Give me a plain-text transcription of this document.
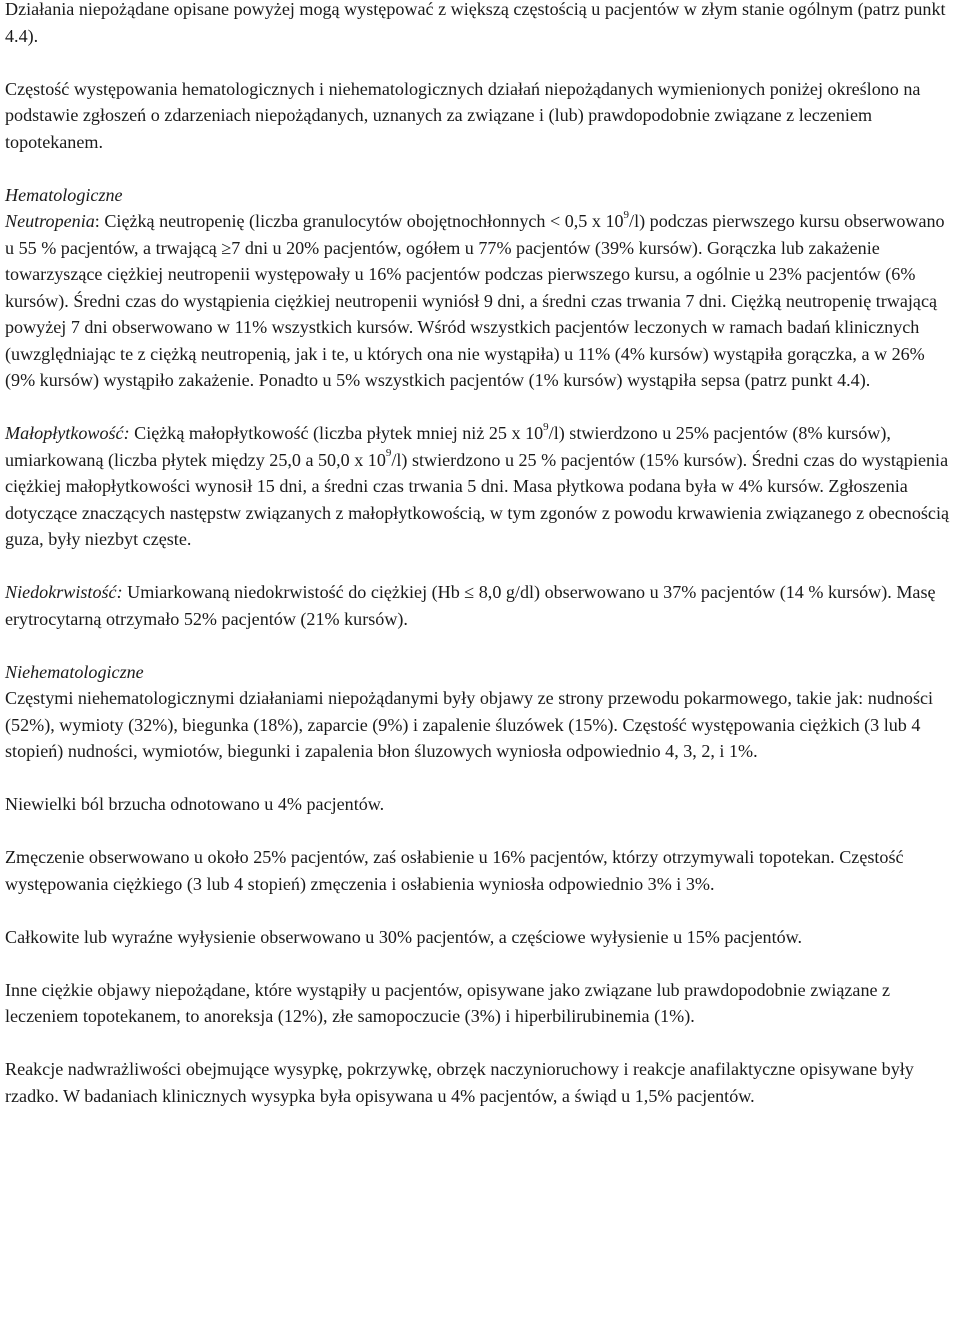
Działania niepożądane opisane powyżej mogą występować z większą częstością u pacjentów w złym stanie ogólnym (patrz punkt 4.4).

Częstość występowania hematologicznych i niehematologicznych działań niepożądanych wymienionych poniżej określono na podstawie zgłoszeń o zdarzeniach niepożądanych, uznanych za związane i (lub) prawdopodobnie związane z leczeniem topotekanem.

Hematologiczne

Neutropenia: Ciężką neutropenię (liczba granulocytów obojętnochłonnych < 0,5 x $10^9/l$) podczas pierwszego kursu obserwowano u 55 % pacjentów, a trwającą ≥7 dni u 20% pacjentów, ogółem u 77% pacjentów (39% kursów). Gorączka lub zakażenie towarzyszące ciężkiej neutropenii występowały u 16% pacjentów podczas pierwszego kursu, a ogólnie u 23% pacjentów (6% kursów). Średni czas do wystąpienia ciężkiej neutropenii wyniósł 9 dni, a średni czas trwania 7 dni. Ciężką neutropenię trwającą powyżej 7 dni obserwowano w 11% wszystkich kursów. Wśród wszystkich pacjentów leczonych w ramach badań klinicznych (uwzględniając te z ciężką neutropenią, jak i te, u których ona nie wystąpiła) u 11% (4% kursów) wystąpiła gorączka, a w 26% (9% kursów) wystąpiło zakażenie. Ponadto u 5% wszystkich pacjentów (1% kursów) wystąpiła sepsa (patrz punkt 4.4).

Małopłytkowość: Ciężką małopłytkowość (liczba płytek mniej niż 25 x $10^9/l$) stwierdzono u 25% pacjentów (8% kursów), umiarkowaną (liczba płytek między 25,0 a 50,0 x $10^9/l$) stwierdzono u 25 % pacjentów (15% kursów). Średni czas do wystąpienia ciężkiej małopłytkowości wynosił 15 dni, a średni czas trwania 5 dni. Masa płytkowa podana była w 4% kursów. Zgłoszenia dotyczące znaczących następstw związanych z małopłytkowością, w tym zgonów z powodu krwawienia związanego z obecnością guza, były niezbyt częste.

Niedokrwistość: Umiarkowaną niedokrwistość do ciężkiej (Hb ≤ 8,0 g/dl) obserwowano u 37% pacjentów (14 % kursów). Masę erytrocytarną otrzymało 52% pacjentów (21% kursów).

Niehematologiczne

Częstymi niehematologicznymi działaniami niepożądanymi były objawy ze strony przewodu pokarmowego, takie jak: nudności (52%), wymioty (32%), biegunka (18%), zaparcie (9%) i zapalenie śluzówek (15%). Częstość występowania ciężkich (3 lub 4 stopień) nudności, wymiotów, biegunki i zapalenia błon śluzowych wyniosła odpowiednio 4, 3, 2, i 1%.

Niewielki ból brzucha odnotowano u 4% pacjentów.

Zmęczenie obserwowano u około 25% pacjentów, zaś osłabienie u 16% pacjentów, którzy otrzymywali topotekan. Częstość występowania ciężkiego (3 lub 4 stopień) zmęczenia i osłabienia wyniosła odpowiednio 3% i 3%.

Całkowite lub wyraźne wyłysienie obserwowano u 30% pacjentów, a częściowe wyłysienie u 15% pacjentów.

Inne ciężkie objawy niepożądane, które wystąpiły u pacjentów, opisywane jako związane lub prawdopodobnie związane z leczeniem topotekanem, to anoreksja (12%), złe samopoczucie (3%) i hiperbilirubinemia (1%).

Reakcje nadwrażliwości obejmujące wysypkę, pokrzywkę, obrzęk naczynioruchowy i reakcje anafilaktyczne opisywane były rzadko. W badaniach klinicznych wysypka była opisywana u 4% pacjentów, a świąd u 1,5% pacjentów.
